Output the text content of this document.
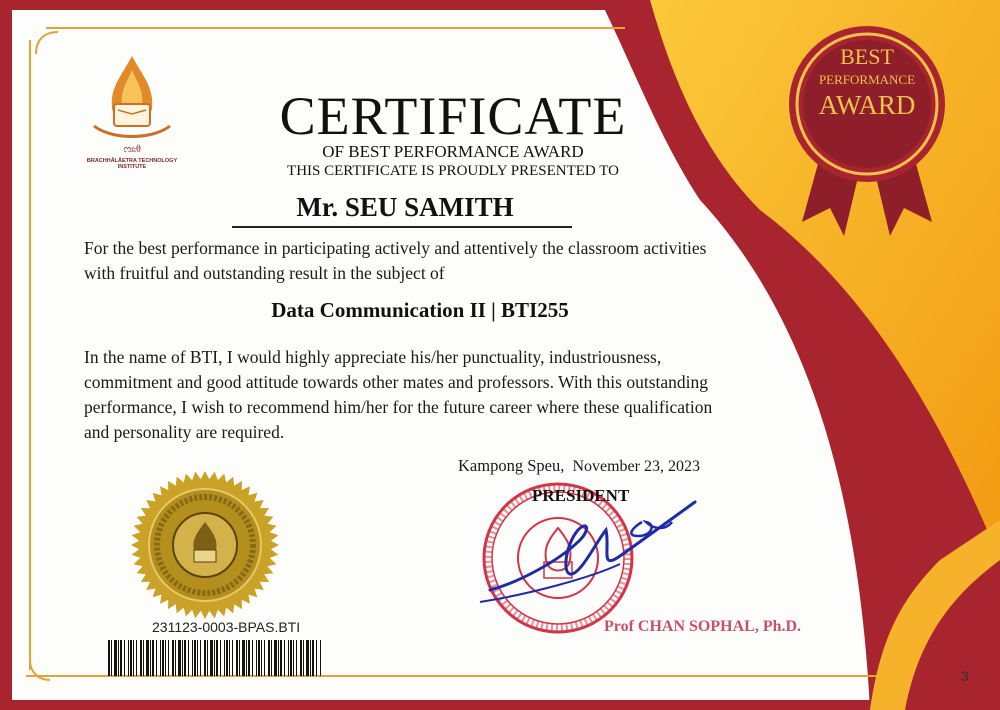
ᦂᦰᦲ
BRACHHÂLÂETRA TECHNOLOGY INSTITUTE
CERTIFICATE
OF BEST PERFORMANCE AWARD
THIS CERTIFICATE IS PROUDLY PRESENTED TO
Mr. SEU SAMITH
For the best performance in participating actively and attentively the classroom activities with fruitful and outstanding result in the subject of
Data Communication II | BTI255
In the name of BTI, I would highly appreciate his/her punctuality, industriousness, commitment and good attitude towards other mates and professors. With this outstanding performance, I wish to recommend him/her for the future career where these qualification and personality are required.
Kampong Speu, November 23, 2023
PRESIDENT
Prof CHAN SOPHAL, Ph.D.
231123-0003-BPAS.BTI
BEST
PERFORMANCE
AWARD
3
